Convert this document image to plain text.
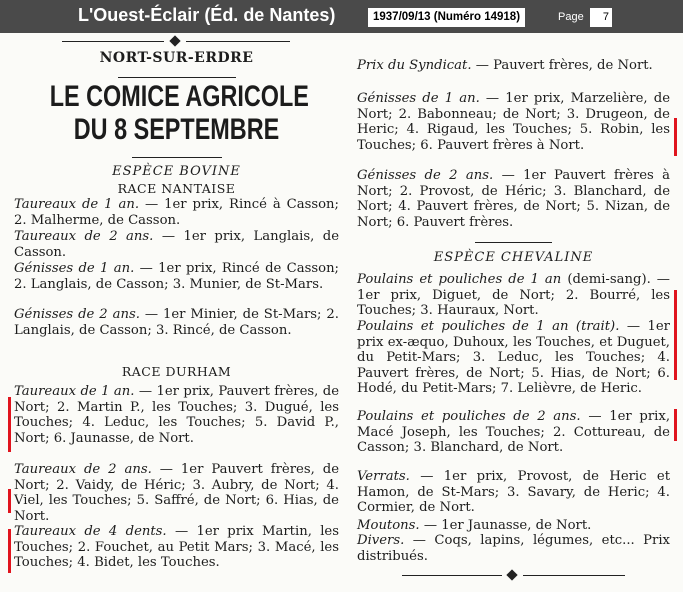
L'Ouest-Éclair (Éd. de Nantes)	1937/09/13 (Numéro 14918)	Page	7
NORT-SUR-ERDRE
LE COMICE AGRICOLE
DU 8 SEPTEMBRE
ESPÈCE BOVINE
RACE NANTAISE
Taureaux de 1 an. — 1er prix, Rincé à Casson; 2. Malherme, de Casson.
Taureaux de 2 ans. — 1er prix, Langlais, de Casson.
Génisses de 1 an. — 1er prix, Rincé de Casson; 2. Langlais, de Casson; 3. Munier, de St-Mars.
Génisses de 2 ans. — 1er Minier, de St-Mars; 2. Langlais, de Casson; 3. Rincé, de Casson.
RACE DURHAM
Taureaux de 1 an. — 1er prix, Pauvert frères, de Nort; 2. Martin P., les Touches; 3. Dugué, les Touches; 4. Leduc, les Touches; 5. David P., Nort; 6. Jaunasse, de Nort.
Taureaux de 2 ans. — 1er Pauvert frères, de Nort; 2. Vaidy, de Héric; 3. Aubry, de Nort; 4. Viel, les Touches; 5. Saffré, de Nort; 6. Hias, de Nort.
Taureaux de 4 dents. — 1er prix Martin, les Touches; 2. Fouchet, au Petit Mars; 3. Macé, les Touches; 4. Bidet, les Touches.
Prix du Syndicat. — Pauvert frères, de Nort.
Génisses de 1 an. — 1er prix, Marzelière, de Nort; 2. Babonneau; de Nort; 3. Drugeon, de Heric; 4. Rigaud, les Touches; 5. Robin, les Touches; 6. Pauvert frères à Nort.
Génisses de 2 ans. — 1er Pauvert frères à Nort; 2. Provost, de Héric; 3. Blanchard, de Nort; 4. Pauvert frères, de Nort; 5. Nizan, de Nort; 6. Pauvert frères.
ESPÈCE CHEVALINE
Poulains et pouliches de 1 an (demi-sang). — 1er prix, Diguet, de Nort; 2. Bourré, les Touches; 3. Hauraux, Nort.
Poulains et pouliches de 1 an (trait). — 1er prix ex-æquo, Duhoux, les Touches, et Duguet, du Petit-Mars; 3. Leduc, les Touches; 4. Pauvert frères, de Nort; 5. Hias, de Nort; 6. Hodé, du Petit-Mars; 7. Lelièvre, de Heric.
Poulains et pouliches de 2 ans. — 1er prix, Macé Joseph, les Touches; 2. Cottureau, de Casson; 3. Blanchard, de Nort.
Verrats. — 1er prix, Provost, de Heric et Hamon, de St-Mars; 3. Savary, de Heric; 4. Cormier, de Nort.
Moutons. — 1er Jaunasse, de Nort.
Divers. — Coqs, lapins, légumes, etc... Prix distribués.
